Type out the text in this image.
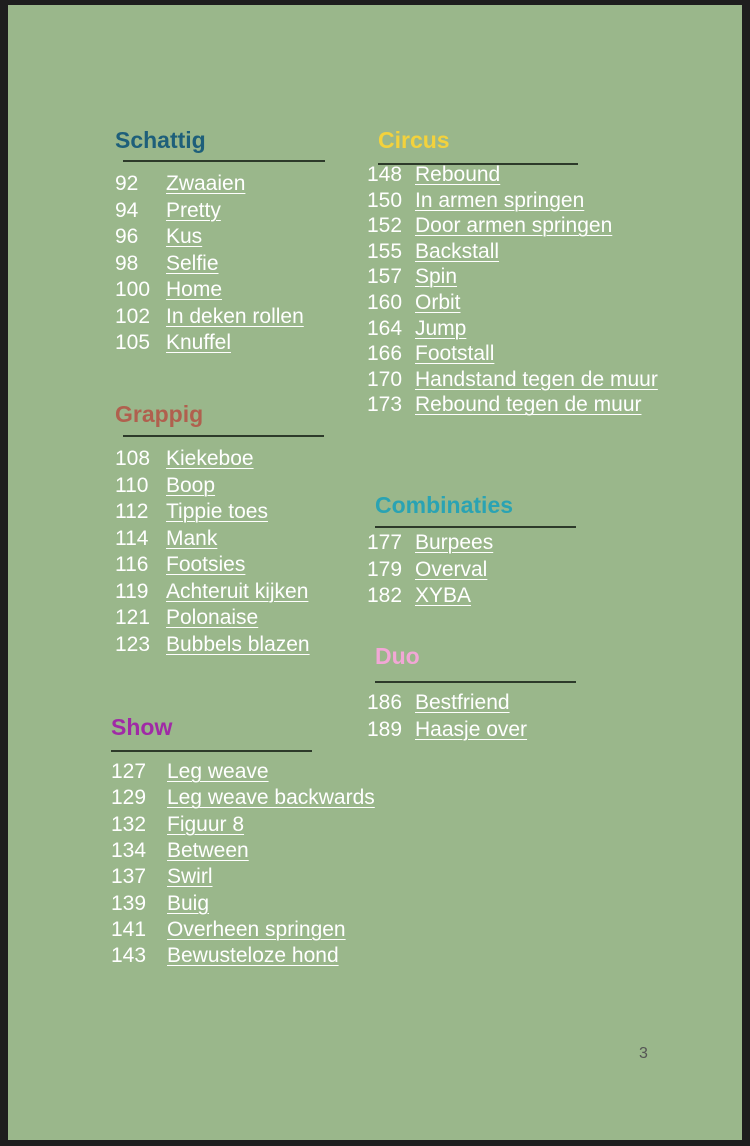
Schattig
92 Zwaaien
94 Pretty
96 Kus
98 Selfie
100 Home
102 In deken rollen
105 Knuffel
Grappig
108 Kiekeboe
110 Boop
112 Tippie toes
114 Mank
116 Footsies
119 Achteruit kijken
121 Polonaise
123 Bubbels blazen
Show
127 Leg weave
129 Leg weave backwards
132 Figuur 8
134 Between
137 Swirl
139 Buig
141 Overheen springen
143 Bewusteloze hond
Circus
148 Rebound
150 In armen springen
152 Door armen springen
155 Backstall
157 Spin
160 Orbit
164 Jump
166 Footstall
170 Handstand tegen de muur
173 Rebound tegen de muur
Combinaties
177 Burpees
179 Overval
182 XYBA
Duo
186 Bestfriend
189 Haasje over
3
